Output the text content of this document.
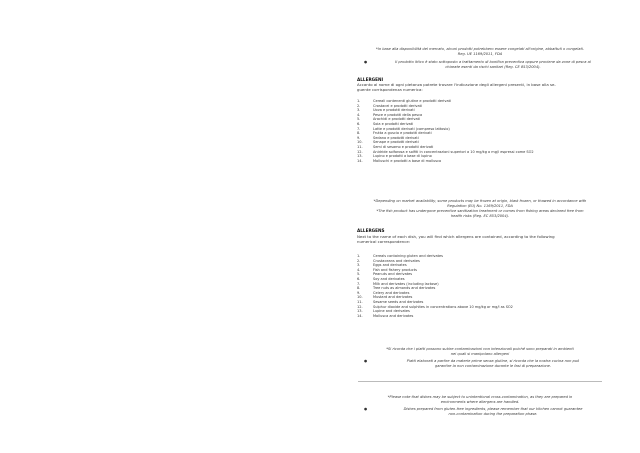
*In base alla disponibilità del mercato, alcuni prodotti potrebbero essere congelati all'origine, abbattuti o congelati.
Reg. UE 1169/2011, FDA
●	Il prodotto ittico è stato sottoposto a trattamento di bonifica preventiva oppure proviene da zone di pesca al
chiarate esenti da rischi sanitari (Reg. CE 853/2004).
ALLERGENI
Accanto al nome di ogni pietanza potrete trovare l'indicazione degli allergeni presenti, in base alla se-
guente corrispondenza numerica:
1.	Cereali contenenti glutine e prodotti derivati
2.	Crostacei e prodotti derivati
3.	Uova e prodotti derivati
4.	Pesce e prodotti della pesca
5.	Arachidi e prodotti derivati
6.	Soia e prodotti derivati
7.	Latte e prodotti derivati (compreso lattosio)
8.	Frutta a guscio e prodotti derivati
9.	Sedano e prodotti derivati
10.	Senape e prodotti derivati
11.	Semi di sesamo e prodotti derivati
12.	Anidride solforosa e solfiti in concentrazioni superiori a 10 mg/kg o mg/l espressi come SO2
13.	Lupino e prodotti a base di lupino
14.	Molluschi e prodotti a base di mollusco
*Depending on market availability, some products may be frozen at origin, blast frozen, or thawed in accordance with
Regulation (EU) No. 1169/2011, FDA
*The fish product has undergone preventive sanitization treatment or comes from fishing areas declared free from
health risks (Reg. EC 853/2004).
ALLERGENS
Next to the name of each dish, you will find which allergens are contained, according to the following
numerical correspondence:
1.	Cereals containing gluten and derivates
2.	Crustaceans and derivates
3.	Eggs and derivates
4.	Fish and fishery products
5.	Peanuts and derivates
6.	Soy and derivates
7.	Milk and derivates (including lactose)
8.	Tree nuts as almonds and derivates
9.	Celery and derivates
10.	Mustard and derivates
11.	Sesame seeds and derivates
12.	Sulphur dioxide and sulphites in concentrations above 10 mg/kg or mg/l as SO2
13.	Lupine and derivates
14.	Mollusca and derivates
*Si ricorda che i piatti possono subire contaminazioni non intenzionali poiché sono preparati in ambienti
nei quali si manipolano allergeni
●	Piatti elaborati a partire da materie prime senza glutine, si ricorda che la nostra cucina non può
garantire la non contaminazione durante le fasi di preparazione.
*Please note that dishes may be subject to unintentional cross-contamination, as they are prepared in
environments where allergens are handled.
●	Dishes prepared from gluten-free ingredients, please remember that our kitchen cannot guarantee
non-contamination during the preparation phase.
